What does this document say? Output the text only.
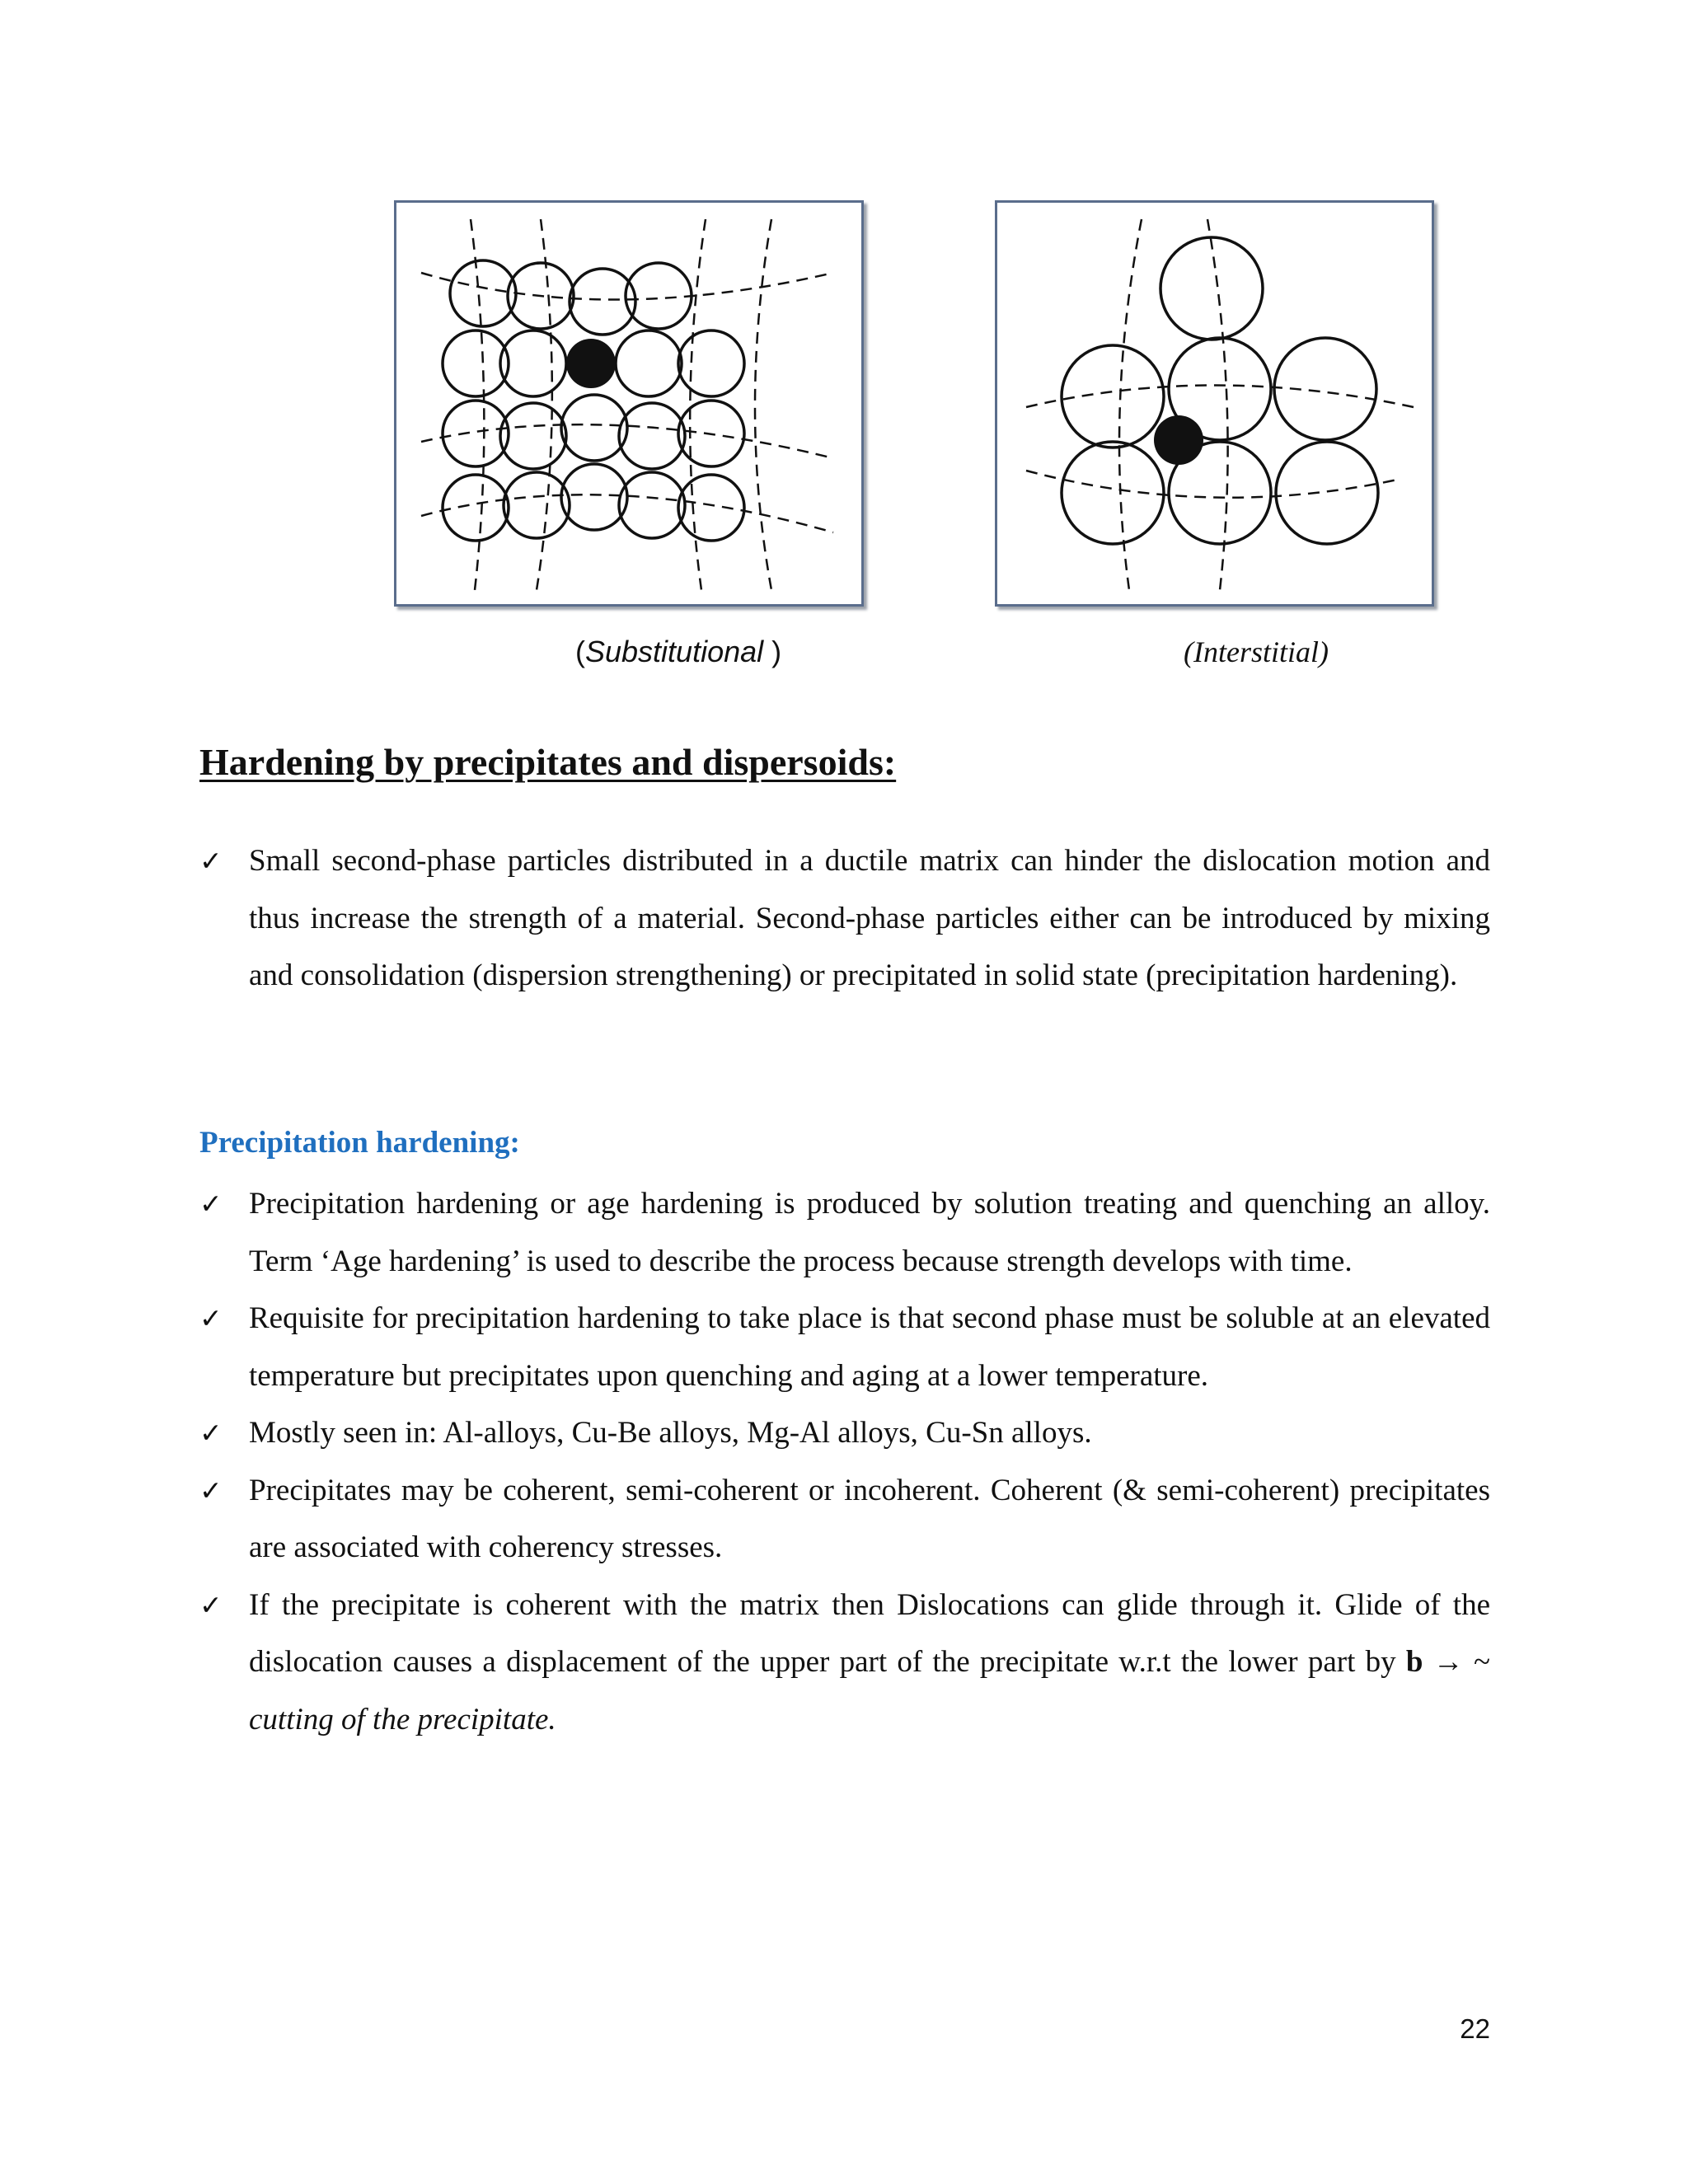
(Substitutional )	(Interstitial)
Hardening by precipitates and dispersoids:
✓ Small second-phase particles distributed in a ductile matrix can hinder the dislocation motion and thus increase the strength of a material. Second-phase particles either can be introduced by mixing and consolidation (dispersion strengthening) or precipitated in solid state (precipitation hardening).
Precipitation hardening:
✓ Precipitation hardening or age hardening is produced by solution treating and quenching an alloy. Term ‘Age hardening’ is used to describe the process because strength develops with time.
✓ Requisite for precipitation hardening to take place is that second phase must be soluble at an elevated temperature but precipitates upon quenching and aging at a lower temperature.
✓ Mostly seen in: Al-alloys, Cu-Be alloys, Mg-Al alloys, Cu-Sn alloys.
✓ Precipitates may be coherent, semi-coherent or incoherent. Coherent (& semi-coherent) precipitates are associated with coherency stresses.
✓ If the precipitate is coherent with the matrix then Dislocations can glide through it. Glide of the dislocation causes a displacement of the upper part of the precipitate w.r.t the lower part by b → ~ cutting of the precipitate.
22
